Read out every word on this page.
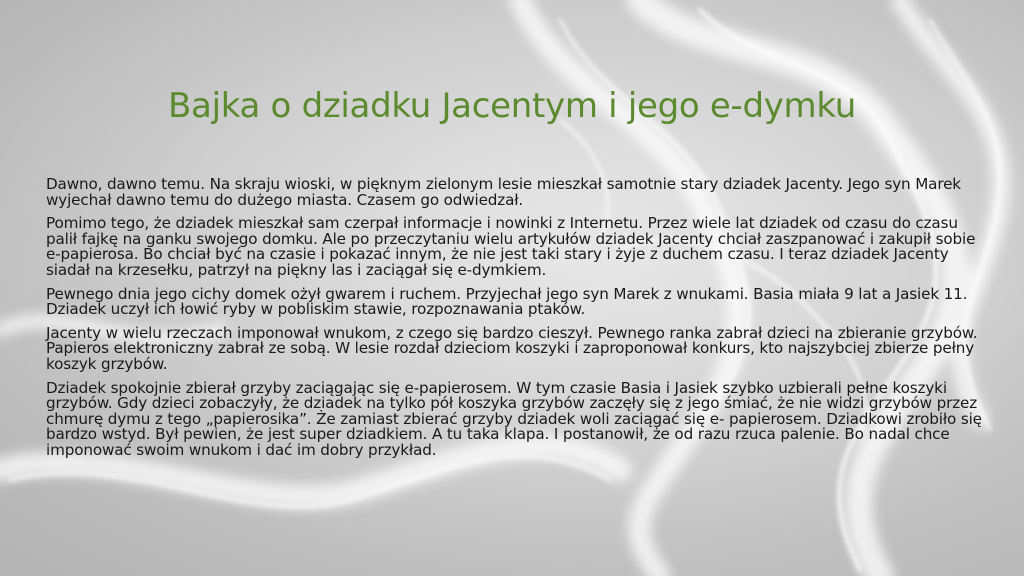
Bajka o dziadku Jacentym i jego e-dymku

Dawno, dawno temu. Na skraju wioski, w pięknym zielonym lesie mieszkał samotnie stary dziadek Jacenty. Jego syn Marek wyjechał dawno temu do dużego miasta. Czasem go odwiedzał.

Pomimo tego, że dziadek mieszkał sam czerpał informacje i nowinki z Internetu. Przez wiele lat dziadek od czasu do czasu palił fajkę na ganku swojego domku. Ale po przeczytaniu wielu artykułów dziadek Jacenty chciał zaszpanować i zakupił sobie e-papierosa. Bo chciał być na czasie i pokazać innym, że nie jest taki stary i żyje z duchem czasu. I teraz dziadek Jacenty siadał na krzesełku, patrzył na piękny las i zaciągał się e-dymkiem.

Pewnego dnia jego cichy domek ożył gwarem i ruchem. Przyjechał jego syn Marek z wnukami. Basia miała 9 lat a Jasiek 11. Dziadek uczył ich łowić ryby w pobliskim stawie, rozpoznawania ptaków.

Jacenty w wielu rzeczach imponował wnukom, z czego się bardzo cieszył. Pewnego ranka zabrał dzieci na zbieranie grzybów. Papieros elektroniczny zabrał ze sobą. W lesie rozdał dzieciom koszyki i zaproponował konkurs, kto najszybciej zbierze pełny koszyk grzybów.

Dziadek spokojnie zbierał grzyby zaciągając się e-papierosem. W tym czasie Basia i Jasiek szybko uzbierali pełne koszyki grzybów. Gdy dzieci zobaczyły, że dziadek na tylko pół koszyka grzybów zaczęły się z jego śmiać, że nie widzi grzybów przez chmurę dymu z tego „papierosika”. Że zamiast zbierać grzyby dziadek woli zaciągać się e- papierosem. Dziadkowi zrobiło się bardzo wstyd. Był pewien, że jest super dziadkiem. A tu taka klapa. I postanowił, że od razu rzuca palenie. Bo nadal chce imponować swoim wnukom i dać im dobry przykład.
